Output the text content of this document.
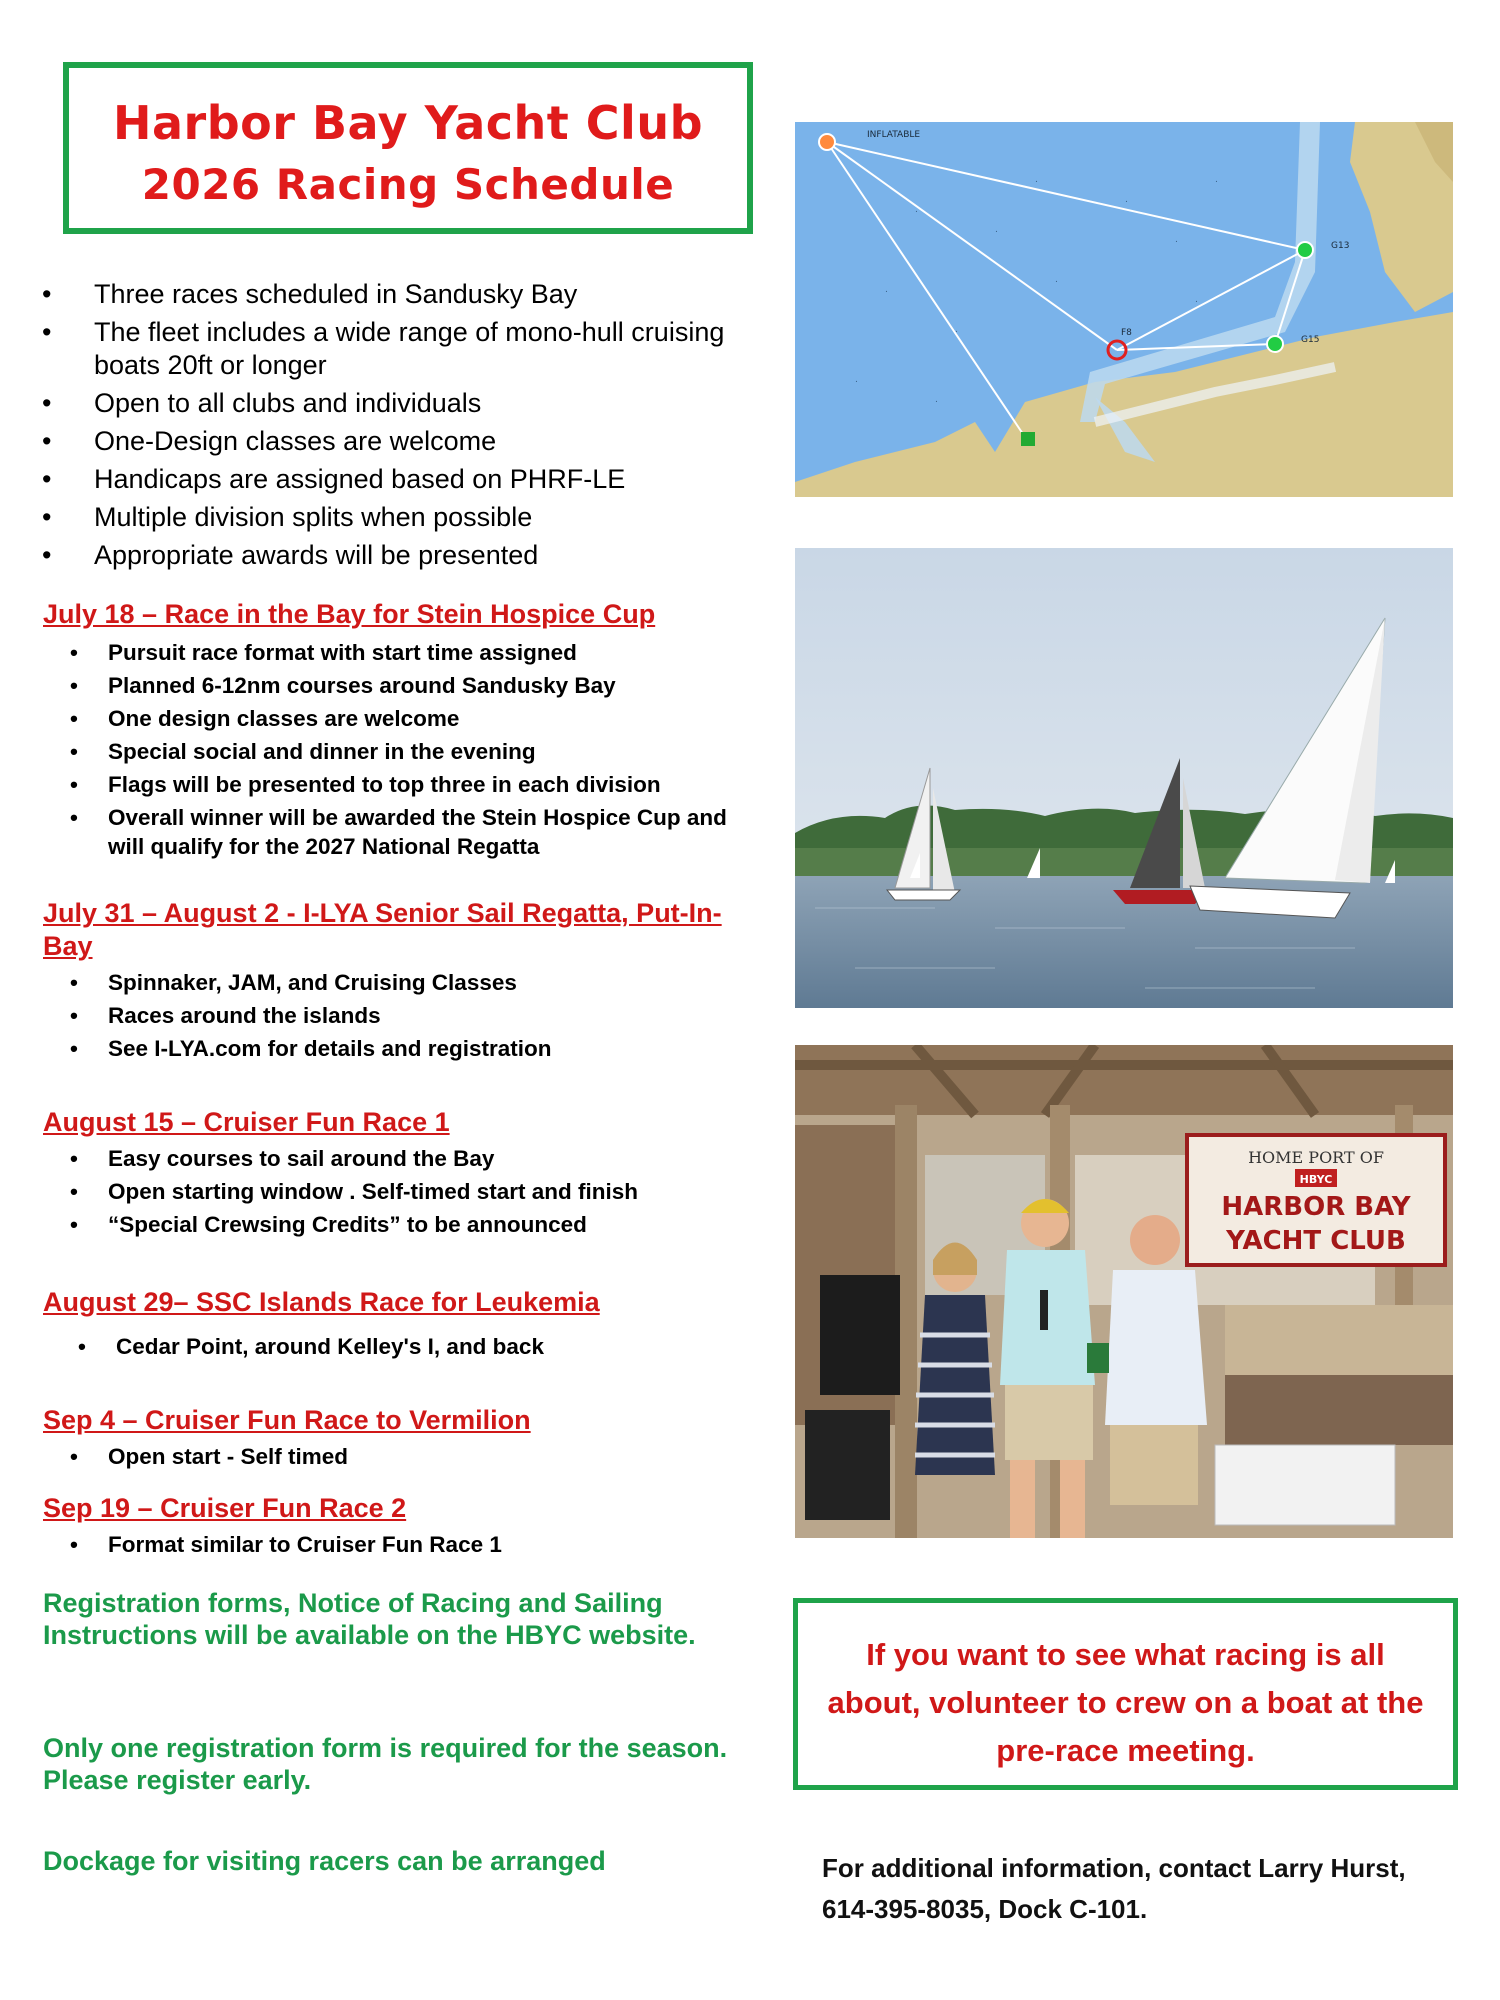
Harbor Bay Yacht Club
2026 Racing Schedule
• Three races scheduled in Sandusky Bay
• The fleet includes a wide range of mono-hull cruising boats 20ft or longer
• Open to all clubs and individuals
• One-Design classes are welcome
• Handicaps are assigned based on PHRF-LE
• Multiple division splits when possible
• Appropriate awards will be presented
July 18 – Race in the Bay for Stein Hospice Cup
• Pursuit race format with start time assigned
• Planned 6-12nm courses around Sandusky Bay
• One design classes are welcome
• Special social and dinner in the evening
• Flags will be presented to top three in each division
• Overall winner will be awarded the Stein Hospice Cup and will qualify for the 2027 National Regatta
July 31 – August 2 - I-LYA Senior Sail Regatta, Put-In-Bay
• Spinnaker, JAM, and Cruising Classes
• Races around the islands
• See I-LYA.com for details and registration
August 15 – Cruiser Fun Race 1
• Easy courses to sail around the Bay
• Open starting window . Self-timed start and finish
• “Special Crewsing Credits” to be announced
August 29– SSC Islands Race for Leukemia
• Cedar Point, around Kelley's I, and back
Sep 4 – Cruiser Fun Race to Vermilion
• Open start - Self timed
Sep 19 – Cruiser Fun Race 2
• Format similar to Cruiser Fun Race 1
Registration forms, Notice of Racing and Sailing Instructions will be available on the HBYC website.
Only one registration form is required for the season. Please register early.
Dockage for visiting racers can be arranged
.
.
.
.
.
.
.
.
.
.
.
.
INFLATABLE
G13
G15
F8
HOME PORT OF
HBYC
HARBOR BAY
YACHT CLUB
If you want to see what racing is all about, volunteer to crew on a boat at the pre-race meeting.
For additional information, contact Larry Hurst, 614-395-8035, Dock C-101.
